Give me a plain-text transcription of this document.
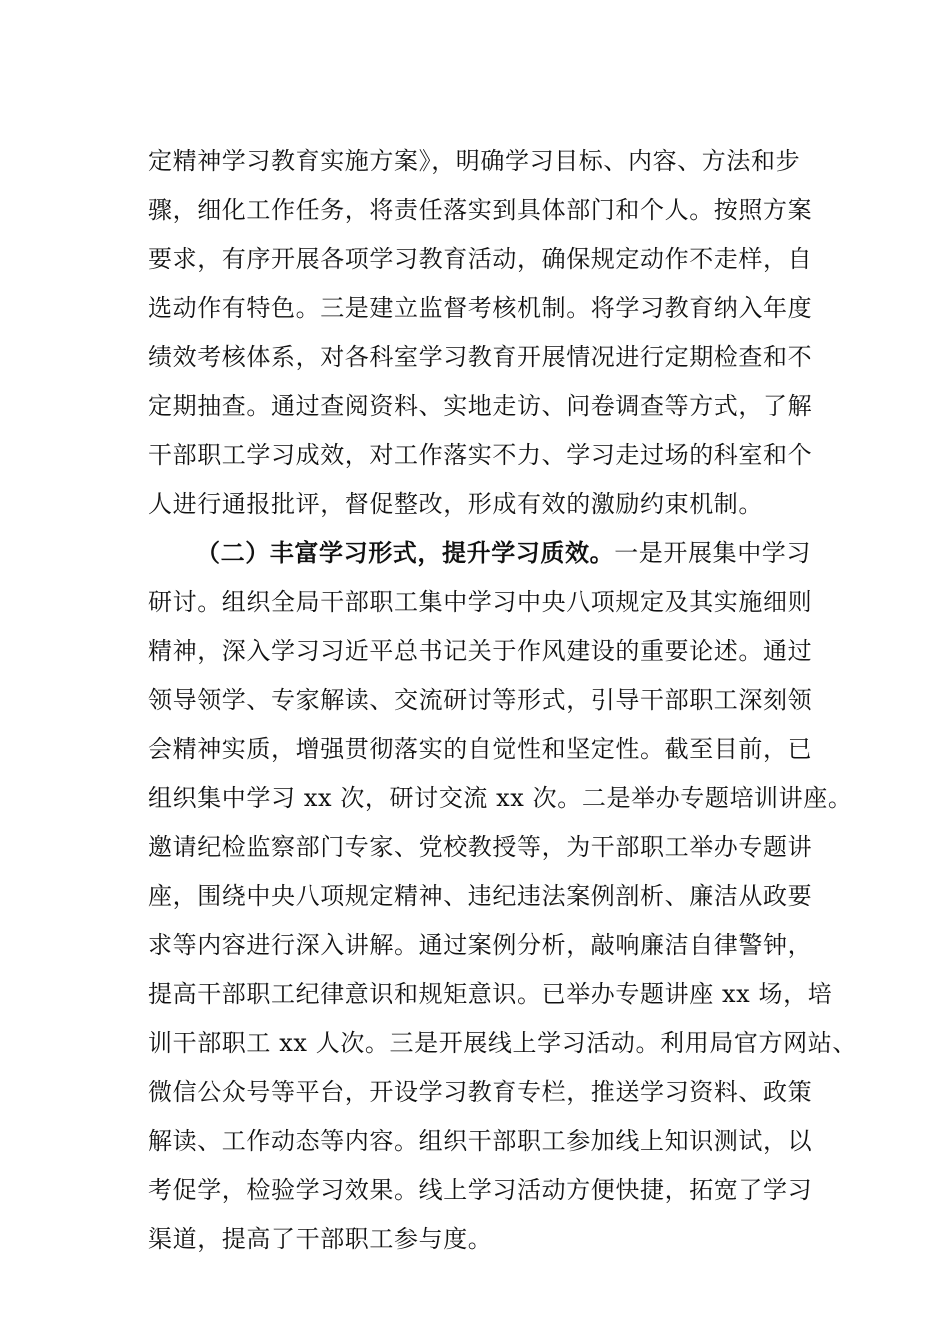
定精神学习教育实施方案》，明确学习目标、内容、方法和步
骤，细化工作任务，将责任落实到具体部门和个人。按照方案
要求，有序开展各项学习教育活动，确保规定动作不走样，自
选动作有特色。三是建立监督考核机制。将学习教育纳入年度
绩效考核体系，对各科室学习教育开展情况进行定期检查和不
定期抽查。通过查阅资料、实地走访、问卷调查等方式，了解
干部职工学习成效，对工作落实不力、学习走过场的科室和个
人进行通报批评，督促整改，形成有效的激励约束机制。
（二）丰富学习形式，提升学习质效。一是开展集中学习
研讨。组织全局干部职工集中学习中央八项规定及其实施细则
精神，深入学习习近平总书记关于作风建设的重要论述。通过
领导领学、专家解读、交流研讨等形式，引导干部职工深刻领
会精神实质，增强贯彻落实的自觉性和坚定性。截至目前，已
组织集中学习 xx 次，研讨交流 xx 次。二是举办专题培训讲座。
邀请纪检监察部门专家、党校教授等，为干部职工举办专题讲
座，围绕中央八项规定精神、违纪违法案例剖析、廉洁从政要
求等内容进行深入讲解。通过案例分析，敲响廉洁自律警钟，
提高干部职工纪律意识和规矩意识。已举办专题讲座 xx 场，培
训干部职工 xx 人次。三是开展线上学习活动。利用局官方网站、
微信公众号等平台，开设学习教育专栏，推送学习资料、政策
解读、工作动态等内容。组织干部职工参加线上知识测试，以
考促学，检验学习效果。线上学习活动方便快捷，拓宽了学习
渠道，提高了干部职工参与度。
